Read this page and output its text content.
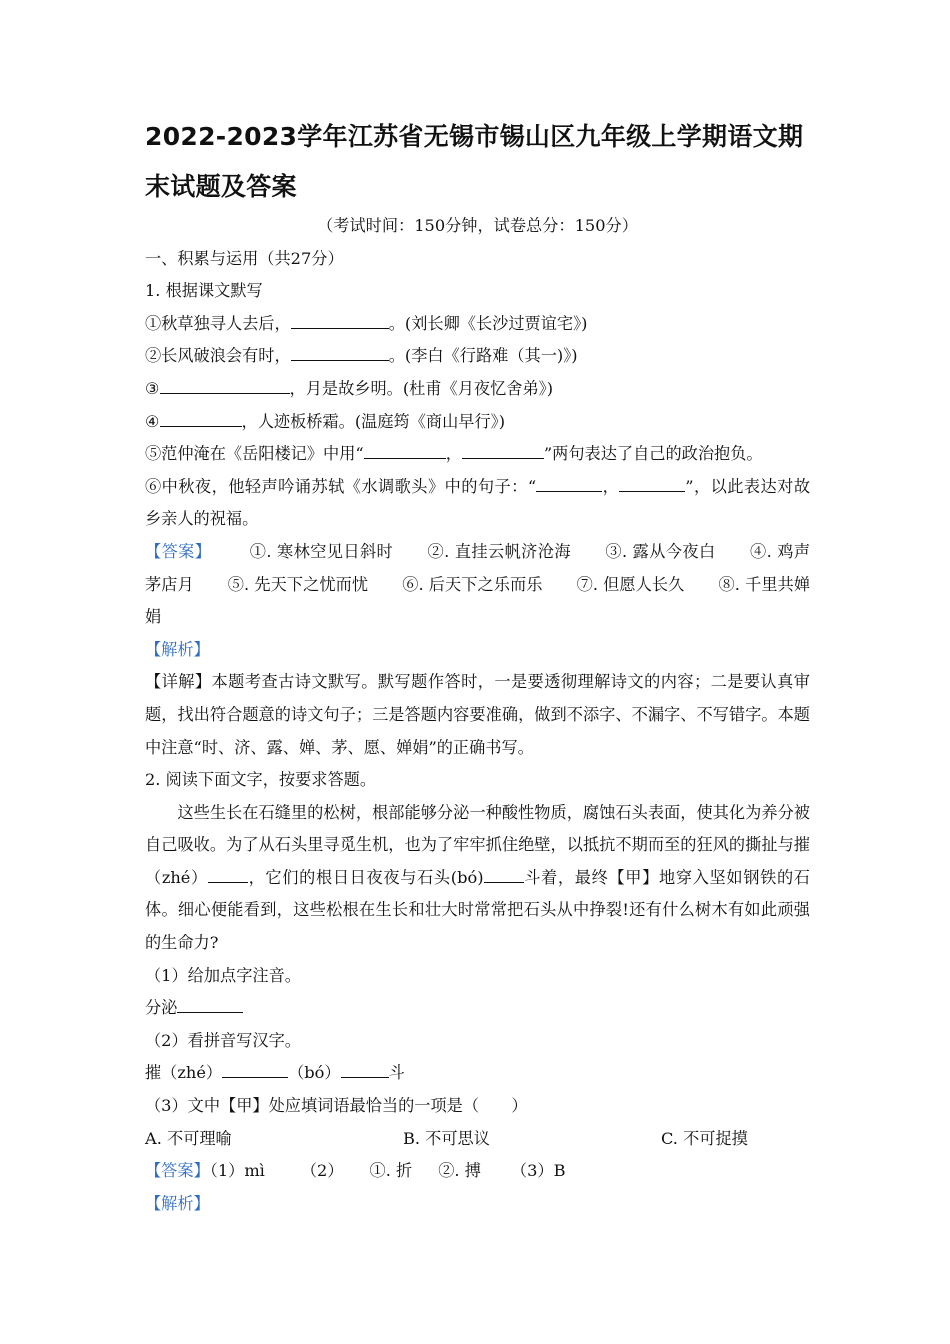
2022-2023学年江苏省无锡市锡山区九年级上学期语文期末试题及答案

（考试时间：150分钟，试卷总分：150分）

一、积累与运用（共27分）

1. 根据课文默写

①秋草独寻人去后，	。(刘长卿《长沙过贾谊宅》)

②长风破浪会有时，	。(李白《行路难（其一)》)

③	，月是故乡明。(杜甫《月夜忆舍弟》)

④	，人迹板桥霜。(温庭筠《商山早行》)

⑤范仲淹在《岳阳楼记》中用“	，	”两句表达了自己的政治抱负。

⑥中秋夜，他轻声吟诵苏轼《水调歌头》中的句子：“	，	”，以此表达对故乡亲人的祝福。

【答案】 ①. 寒林空见日斜时 ②. 直挂云帆济沧海 ③. 露从今夜白 ④. 鸡声茅店月 ⑤. 先天下之忧而忧 ⑥. 后天下之乐而乐 ⑦. 但愿人长久 ⑧. 千里共婵娟

【解析】

【详解】本题考查古诗文默写。默写题作答时，一是要透彻理解诗文的内容；二是要认真审题，找出符合题意的诗文句子；三是答题内容要准确，做到不添字、不漏字、不写错字。本题中注意“时、济、露、婵、茅、愿、婵娟”的正确书写。

2. 阅读下面文字，按要求答题。

这些生长在石缝里的松树，根部能够分泌一种酸性物质，腐蚀石头表面，使其化为养分被自己吸收。为了从石头里寻觅生机，也为了牢牢抓住绝壁，以抵抗不期而至的狂风的撕扯与摧（zhé） ，它们的根日日夜夜与石头(bó) 斗着，最终【甲】地穿入坚如钢铁的石体。细心便能看到，这些松根在生长和壮大时常常把石头从中挣裂!还有什么树木有如此顽强的生命力?

（1）给加点字注音。

分泌

（2）看拼音写汉字。

摧（zhé）	（bó）	斗

（3）文中【甲】处应填词语最恰当的一项是（　　）

A. 不可理喻	B. 不可思议	C. 不可捉摸

【答案】（1）mì （2） ①. 折 ②. 搏 （3）B

【解析】
